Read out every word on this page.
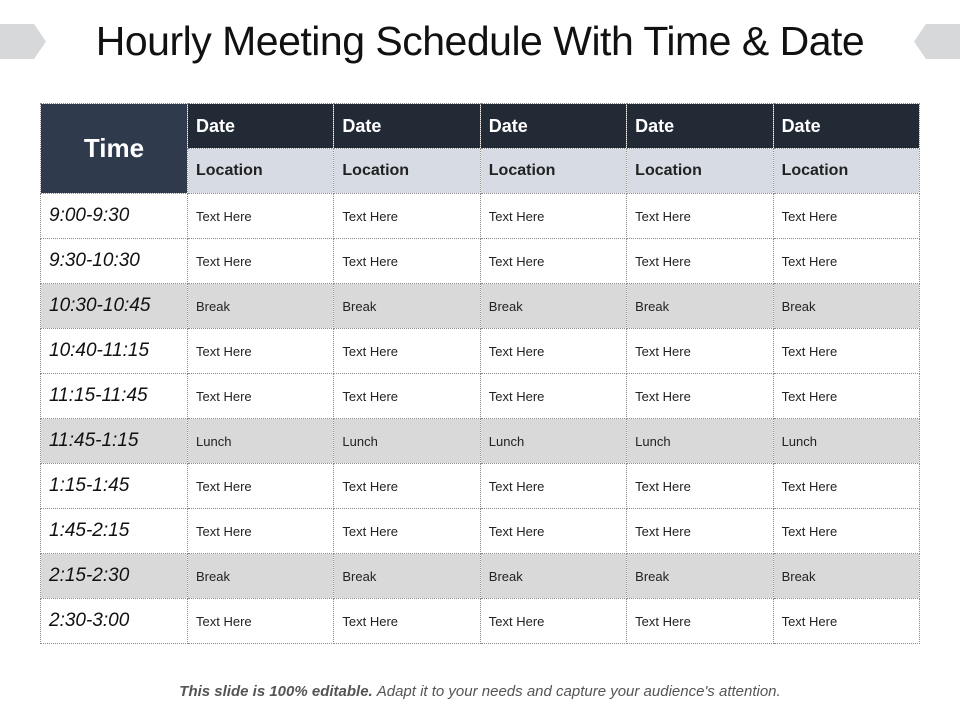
Hourly Meeting Schedule With Time & Date
Time	Date	Date	Date	Date	Date
	Location	Location	Location	Location	Location
9:00-9:30	Text Here	Text Here	Text Here	Text Here	Text Here
9:30-10:30	Text Here	Text Here	Text Here	Text Here	Text Here
10:30-10:45	Break	Break	Break	Break	Break
10:40-11:15	Text Here	Text Here	Text Here	Text Here	Text Here
11:15-11:45	Text Here	Text Here	Text Here	Text Here	Text Here
11:45-1:15	Lunch	Lunch	Lunch	Lunch	Lunch
1:15-1:45	Text Here	Text Here	Text Here	Text Here	Text Here
1:45-2:15	Text Here	Text Here	Text Here	Text Here	Text Here
2:15-2:30	Break	Break	Break	Break	Break
2:30-3:00	Text Here	Text Here	Text Here	Text Here	Text Here
This slide is 100% editable. Adapt it to your needs and capture your audience's attention.
